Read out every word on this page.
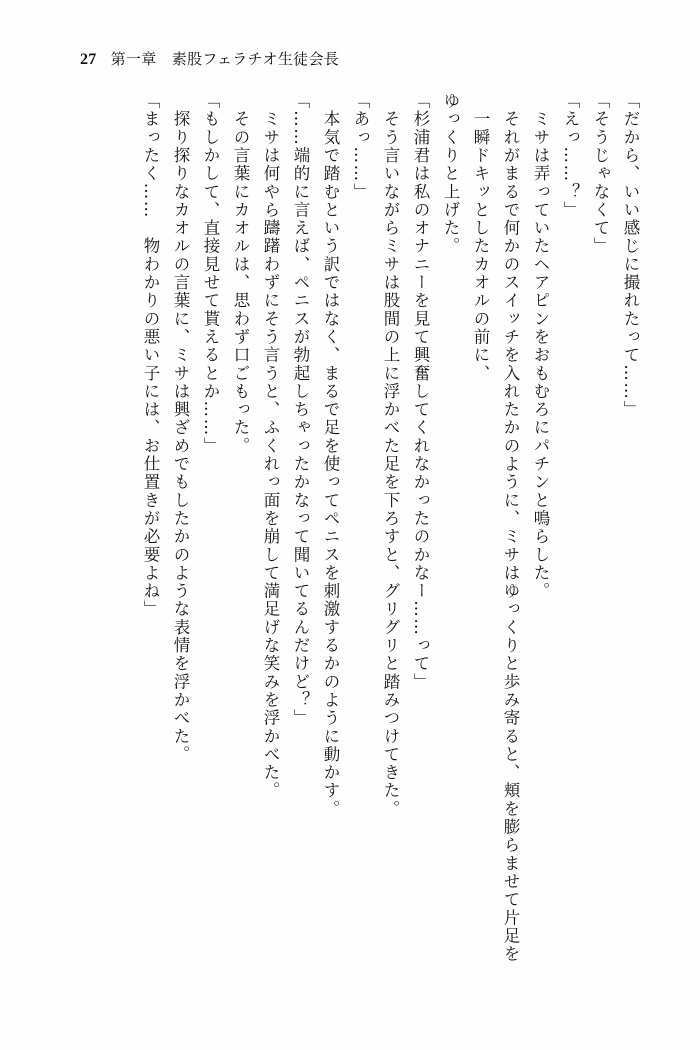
27 第一章　素股フェラチオ生徒会長
「だから、いい感じに撮れたって……」
「そうじゃなくて」
「えっ……？」
　ミサは弄っていたヘアピンをおもむろにパチンと鳴らした。
　それがまるで何かのスイッチを入れたかのように、ミサはゆっくりと歩み寄ると、頬を膨らませて片足を
　一瞬ドキッとしたカオルの前に、
ゆっくりと上げた。
「杉浦君は私のオナニーを見て興奮してくれなかったのかなー……って」
　そう言いながらミサは股間の上に浮かべた足を下ろすと、グリグリと踏みつけてきた。
「あっ……」
　本気で踏むという訳ではなく、まるで足を使ってペニスを刺激するかのように動かす。
「……端的に言えば、ペニスが勃起しちゃったかなって聞いてるんだけど？」
　ミサは何やら躊躇わずにそう言うと、ふくれっ面を崩して満足げな笑みを浮かべた。
　その言葉にカオルは、思わず口ごもった。
「もしかして、直接見せて貰えるとか……」
　探り探りなカオルの言葉に、ミサは興ざめでもしたかのような表情を浮かべた。
「まったく……　物わかりの悪い子には、お仕置きが必要よね」
